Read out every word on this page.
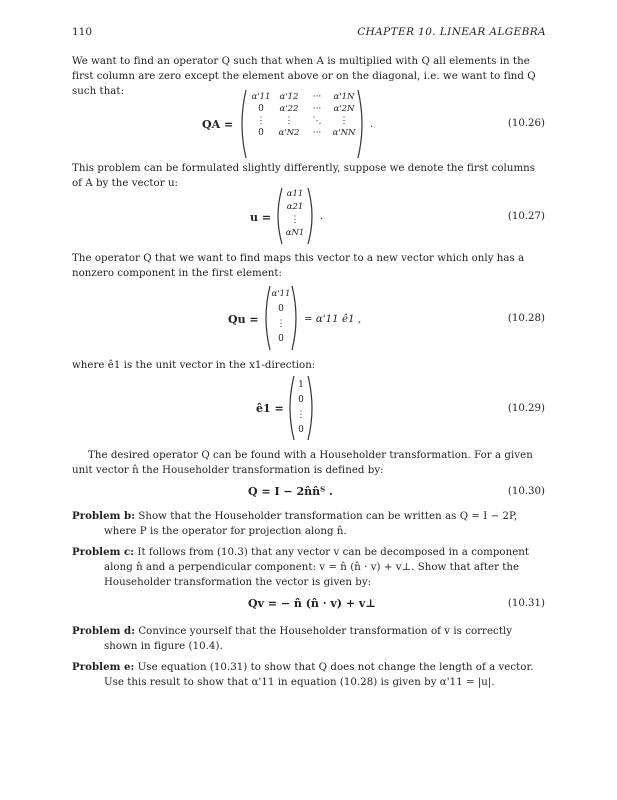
110	CHAPTER 10. LINEAR ALGEBRA
We want to find an operator Q such that when A is multiplied with Q all elements in the
first column are zero except the element above or on the diagonal, i.e. we want to find Q
such that:
QA =
α'11	α'12	···	α'1N
0	α'22	···	α'2N
⋮	⋮	⋱	⋮
0	α'N2	···	α'NN
.	(10.26)
This problem can be formulated slightly differently, suppose we denote the first columns
of A by the vector u:
u =
α11
α21
⋮
αN1
.	(10.27)
The operator Q that we want to find maps this vector to a new vector which only has a
nonzero component in the first element:
Qu =
α'11
0
⋮
0
= α'11 ê1 ,	(10.28)
where ê1 is the unit vector in the x1-direction:
ê1 =
1
0
⋮
0
(10.29)
The desired operator Q can be found with a Householder transformation. For a given
unit vector n̂ the Householder transformation is defined by:
Q = I − 2n̂n̂ᵀ .	(10.30)
Problem b: Show that the Householder transformation can be written as Q = I − 2P,
where P is the operator for projection along n̂.
Problem c: It follows from (10.3) that any vector v can be decomposed in a component
along n̂ and a perpendicular component: v = n̂ (n̂ · v) + v⊥. Show that after the
Householder transformation the vector is given by:
Qv = − n̂ (n̂ · v) + v⊥	(10.31)
Problem d: Convince yourself that the Householder transformation of v is correctly
shown in figure (10.4).
Problem e: Use equation (10.31) to show that Q does not change the length of a vector.
Use this result to show that α'11 in equation (10.28) is given by α'11 = |u|.
